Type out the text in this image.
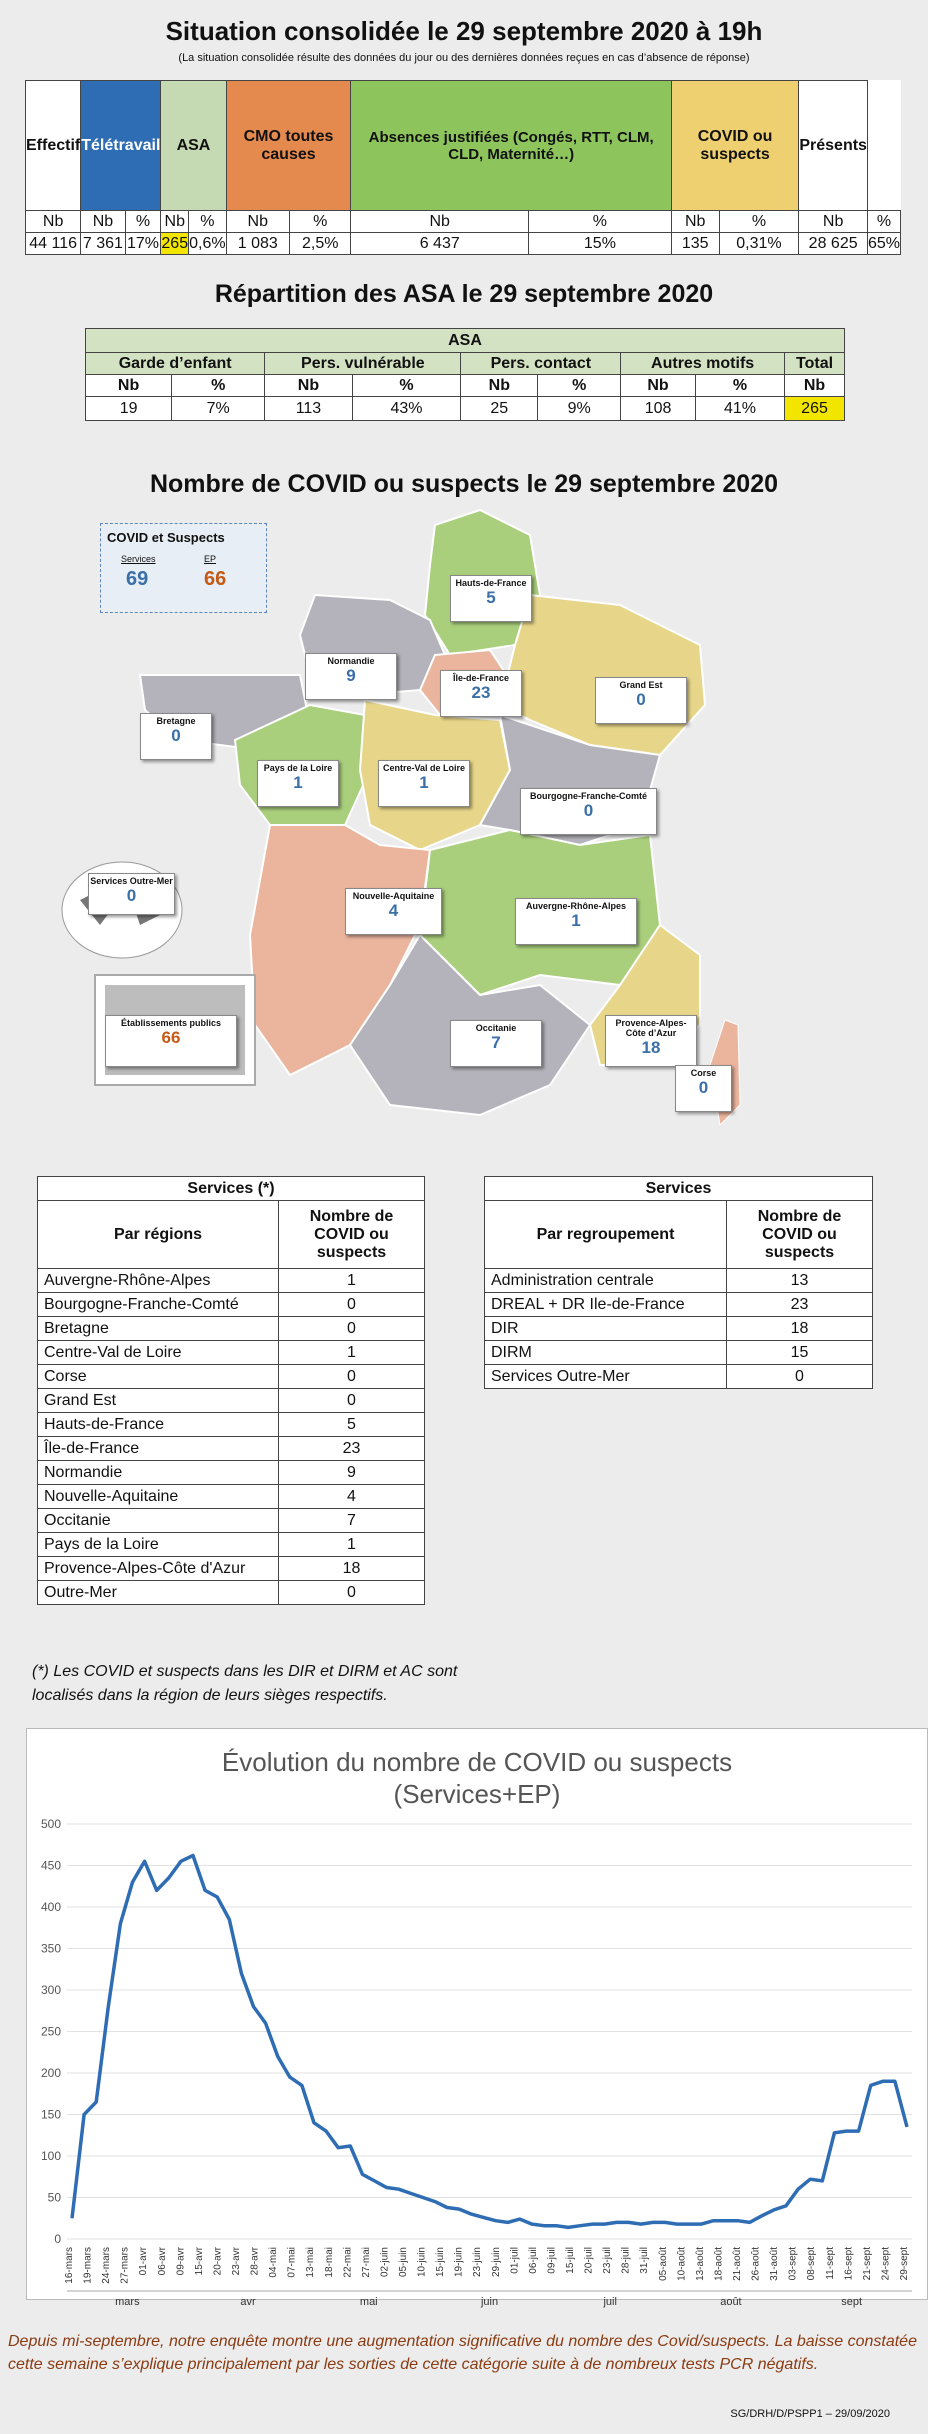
Situation consolidée le 29 septembre 2020 à 19h
(La situation consolidée résulte des données du jour ou des dernières données reçues en cas d’absence de réponse)
Effectif	Télétravail		ASA		CMO toutes causes		Absences justifiées (Congés, RTT, CLM, CLD, Maternité…)		COVID ou suspects		Présents	
Nb	Nb	%	Nb	%	Nb	%	Nb	%	Nb	%	Nb	%
44 116	7 361	17%	265	0,6%	1 083	2,5%	6 437	15%	135	0,31%	28 625	65%
Répartition des ASA le 29 septembre 2020
ASA								
Garde d’enfant		Pers. vulnérable		Pers. contact		Autres motifs		Total
Nb	%	Nb	%	Nb	%	Nb	%	Nb
19	7%	113	43%	25	9%	108	41%	265
Nombre de COVID ou suspects le 29 septembre 2020
COVID et Suspects
Services
69
EP
66	Hauts-de-France
5
Normandie
9	Île-de-France
23	Grand Est
0
Bretagne
0
Pays de la Loire
1
Centre-Val de Loire
1
Bourgogne-Franche-Comté
0
Services Outre-Mer
0	Nouvelle-Aquitaine
4	Auvergne-Rhône-Alpes
1
Établissements publics
66	Occitanie
7
Provence-Alpes-Côte d’Azur
18
Corse
0
Services (*)	
Par régions	Nombre de COVID ou suspects
Auvergne-Rhône-Alpes	1
Bourgogne-Franche-Comté	0
Bretagne	0
Centre-Val de Loire	1
Corse	0
Grand Est	0
Hauts-de-France	5
Île-de-France	23
Normandie	9
Nouvelle-Aquitaine	4
Occitanie	7
Pays de la Loire	1
Provence-Alpes-Côte d'Azur	18
Outre-Mer	0
Services	
Par regroupement	Nombre de COVID ou suspects
Administration centrale	13
DREAL + DR Ile-de-France	23
DIR	18
DIRM	15
Services Outre-Mer	0
(*) Les COVID et suspects dans les DIR et DIRM et AC sont localisés dans la région de leurs sièges respectifs.
Évolution du nombre de COVID ou suspects
(Services+EP)
0
50
100
150
200
250
300
350
400
450
500
16-mars 19-mars 24-mars 27-mars 01-avr 06-avr 09-avr 15-avr 20-avr 23-avr 28-avr 04-mai 07-mai 13-mai 18-mai 22-mai 27-mai 02-juin 05-juin 10-juin 15-juin 19-juin 23-juin 29-juin 01-juil 06-juil 09-juil 15-juil 20-juil 23-juil 28-juil 31-juil 05-août 10-août 13-août 18-août 21-août 26-août 31-août 03-sept 08-sept 11-sept 16-sept 21-sept 24-sept 29-sept
mars	avr	mai	juin	juil	août	sept
Depuis mi-septembre, notre enquête montre une augmentation significative du nombre des Covid/suspects. La baisse constatée cette semaine s’explique principalement par les sorties de cette catégorie suite à de nombreux tests PCR négatifs.
SG/DRH/D/PSPP1 – 29/09/2020
